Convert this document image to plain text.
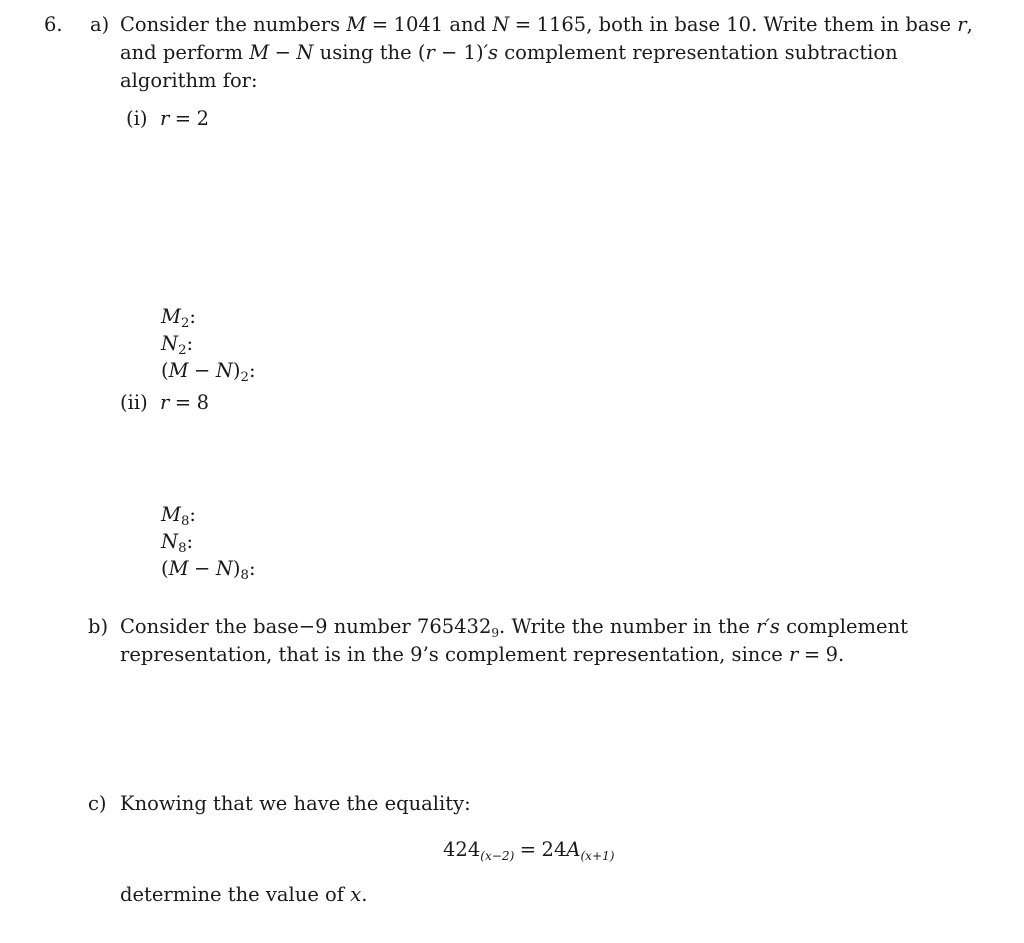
6. a) Consider the numbers M = 1041 and N = 1165, both in base 10. Write them in base r,
and perform M − N using the (r − 1)′s complement representation subtraction
algorithm for:
(i) r = 2
$M_2$:
$N_2$:
$(M - N)_2$:
(ii) r = 8
$M_8$:
$N_8$:
$(M - N)_8$:
b) Consider the base−9 number $765432_9$. Write the number in the r′s complement
representation, that is in the 9’s complement representation, since r = 9.
c) Knowing that we have the equality:
$424_{(x-2)} = 24A_{(x+1)}$
determine the value of x.
